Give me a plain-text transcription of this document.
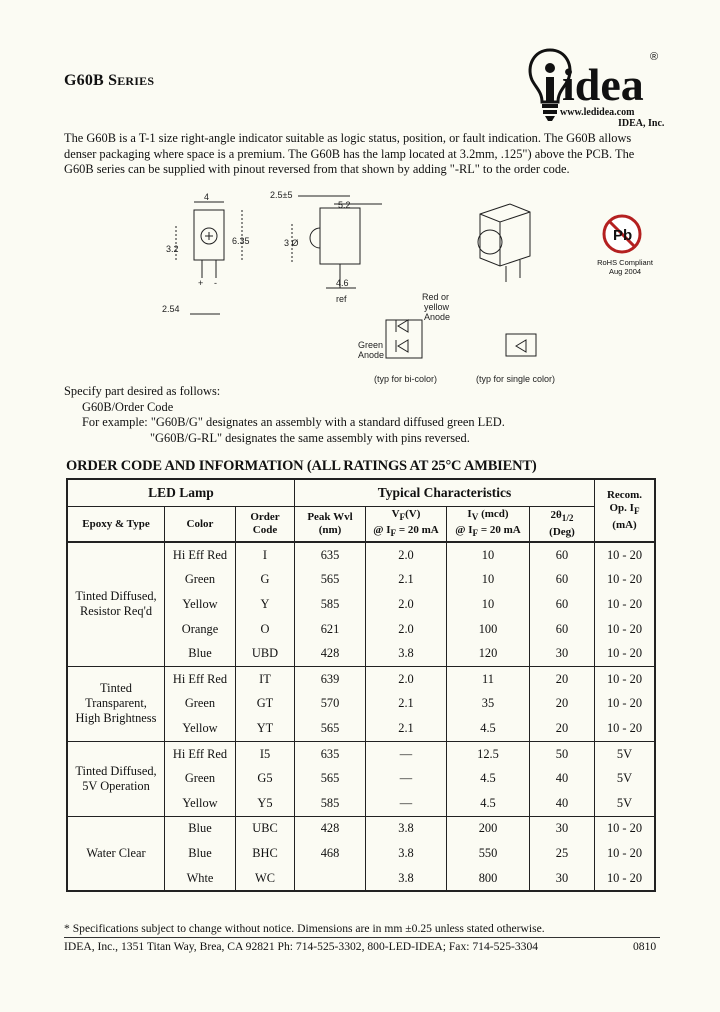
G60B SERIES	idea
®
www.ledidea.com
IDEA, Inc.
The G60B is a T-1 size right-angle indicator suitable as logic status, position, or fault indication. The G60B allows denser packaging where space is a premium. The G60B has the lamp located at 3.2mm, .125") above the PCB. The G60B series can be supplied with pinout reversed from that shown by adding "-RL" to the order code.
4
3.2
6.35
2.54
+ -
2.5±5
5.2
3 Ø
4.6
ref	Red or
yellow
Anode
Green
Anode
(typ for bi-color)	(typ for single color)
Pb
RoHS Compliant
Aug 2004
Specify part desired as follows:
G60B/Order Code
For example: "G60B/G" designates an assembly with a standard diffused green LED.
"G60B/G-RL" designates the same assembly with pins reversed.
ORDER CODE AND INFORMATION (ALL RATINGS AT 25°C AMBIENT)
LED Lamp			Typical Characteristics				Recom.
Op. $I_F$
(mA)
Epoxy & Type	Color	Order
Code	Peak Wvl
(nm)	$V_F(V)$
@ $I_F = 20$ mA	$I_V$ (mcd)
@ $I_F = 20$ mA	$2\theta_{1/2}$
(Deg)	
Tinted Diffused,
Resistor Req'd	Hi Eff Red	I	635	2.0	10	60	10 - 20
	Green	G	565	2.1	10	60	10 - 20
	Yellow	Y	585	2.0	10	60	10 - 20
	Orange	O	621	2.0	100	60	10 - 20
	Blue	UBD	428	3.8	120	30	10 - 20
Tinted
Transparent,
High Brightness	Hi Eff Red	IT	639	2.0	11	20	10 - 20
	Green	GT	570	2.1	35	20	10 - 20
	Yellow	YT	565	2.1	4.5	20	10 - 20
Tinted Diffused,
5V Operation	Hi Eff Red	I5	635	—	12.5	50	5V
	Green	G5	565	—	4.5	40	5V
	Yellow	Y5	585	—	4.5	40	5V
Water Clear	Blue	UBC	428	3.8	200	30	10 - 20
	Blue	BHC	468	3.8	550	25	10 - 20
	Whte	WC		3.8	800	30	10 - 20
* Specifications subject to change without notice. Dimensions are in mm ±0.25 unless stated otherwise.
IDEA, Inc., 1351 Titan Way, Brea, CA 92821 Ph: 714-525-3302, 800-LED-IDEA; Fax: 714-525-3304	0810
